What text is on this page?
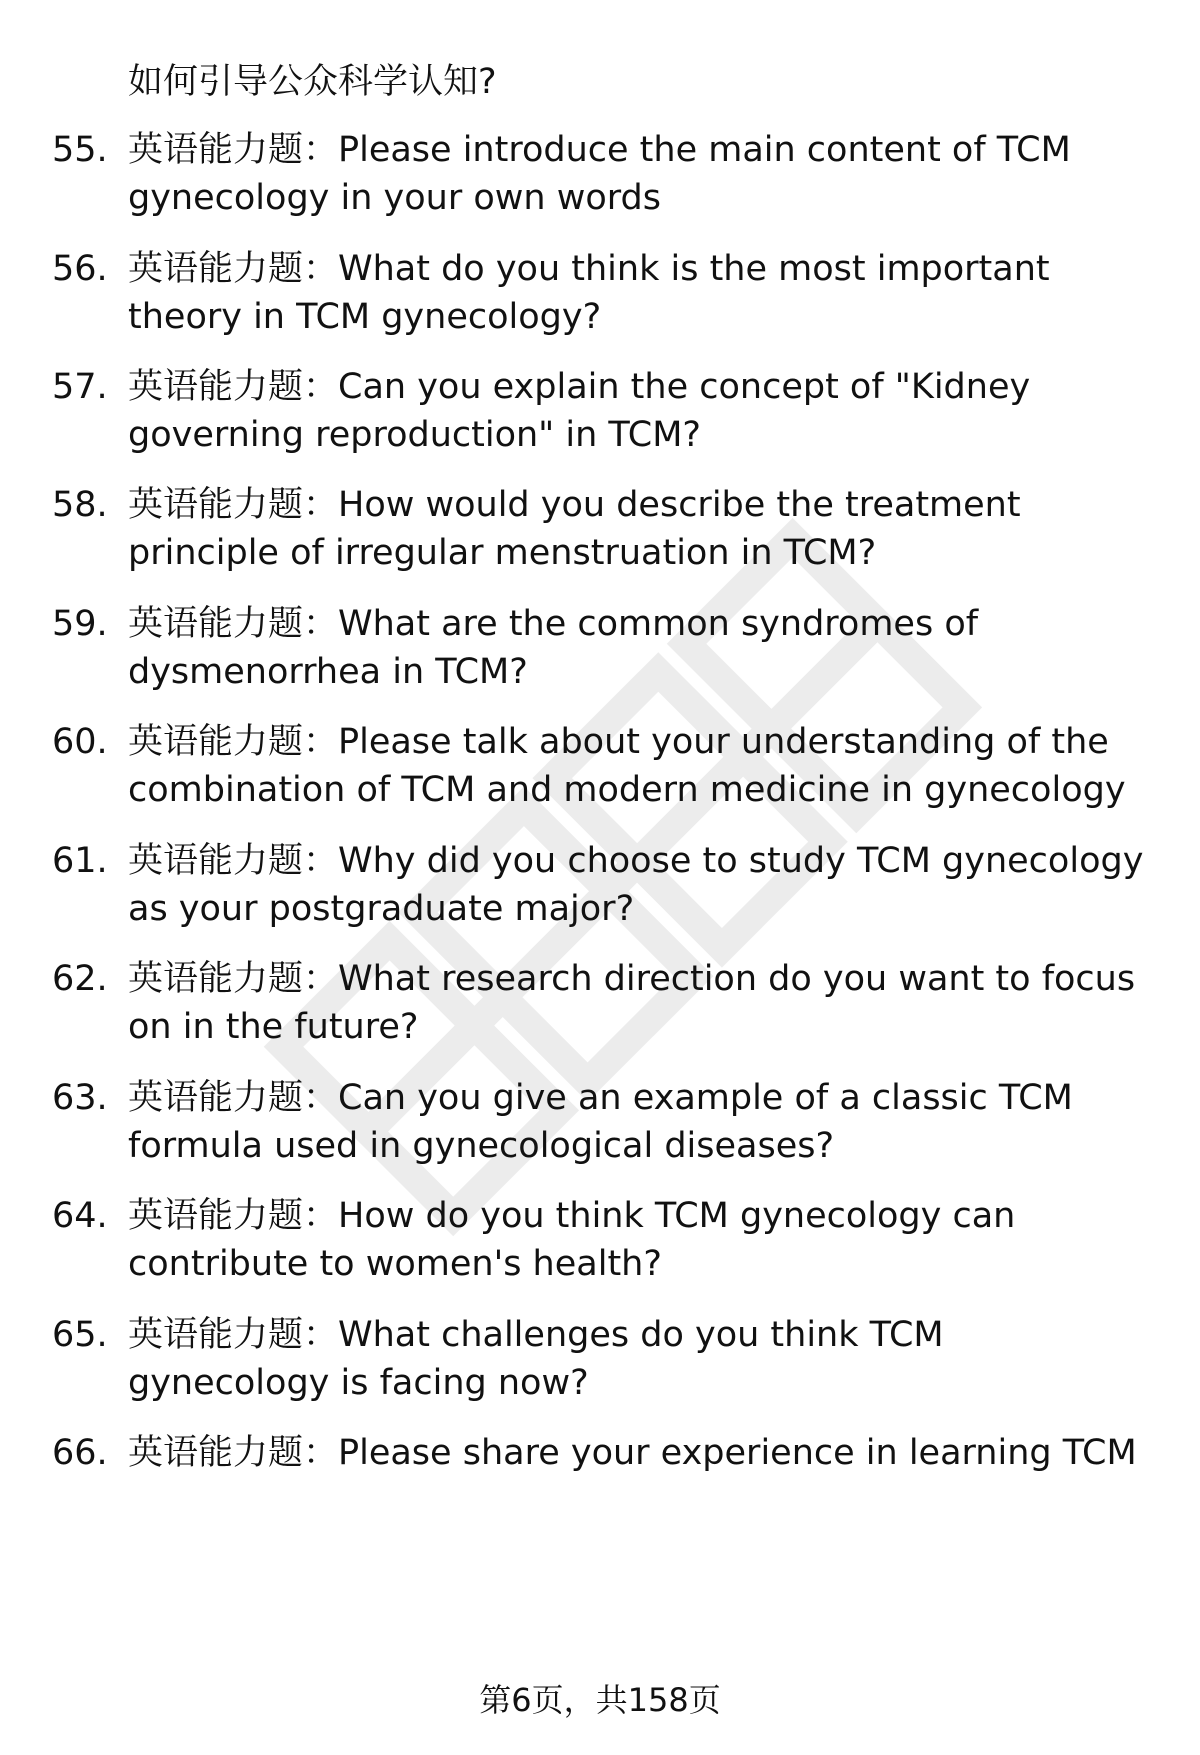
如何引导公众科学认知?
55. 英语能力题：Please introduce the main content of TCM
gynecology in your own words
56. 英语能力题：What do you think is the most important
theory in TCM gynecology?
57. 英语能力题：Can you explain the concept of "Kidney
governing reproduction" in TCM?
58. 英语能力题：How would you describe the treatment
principle of irregular menstruation in TCM?
59. 英语能力题：What are the common syndromes of
dysmenorrhea in TCM?
60. 英语能力题：Please talk about your understanding of the
combination of TCM and modern medicine in gynecology
61. 英语能力题：Why did you choose to study TCM gynecology
as your postgraduate major?
62. 英语能力题：What research direction do you want to focus
on in the future?
63. 英语能力题：Can you give an example of a classic TCM
formula used in gynecological diseases?
64. 英语能力题：How do you think TCM gynecology can
contribute to women's health?
65. 英语能力题：What challenges do you think TCM
gynecology is facing now?
66. 英语能力题：Please share your experience in learning TCM
第6页，共158页
